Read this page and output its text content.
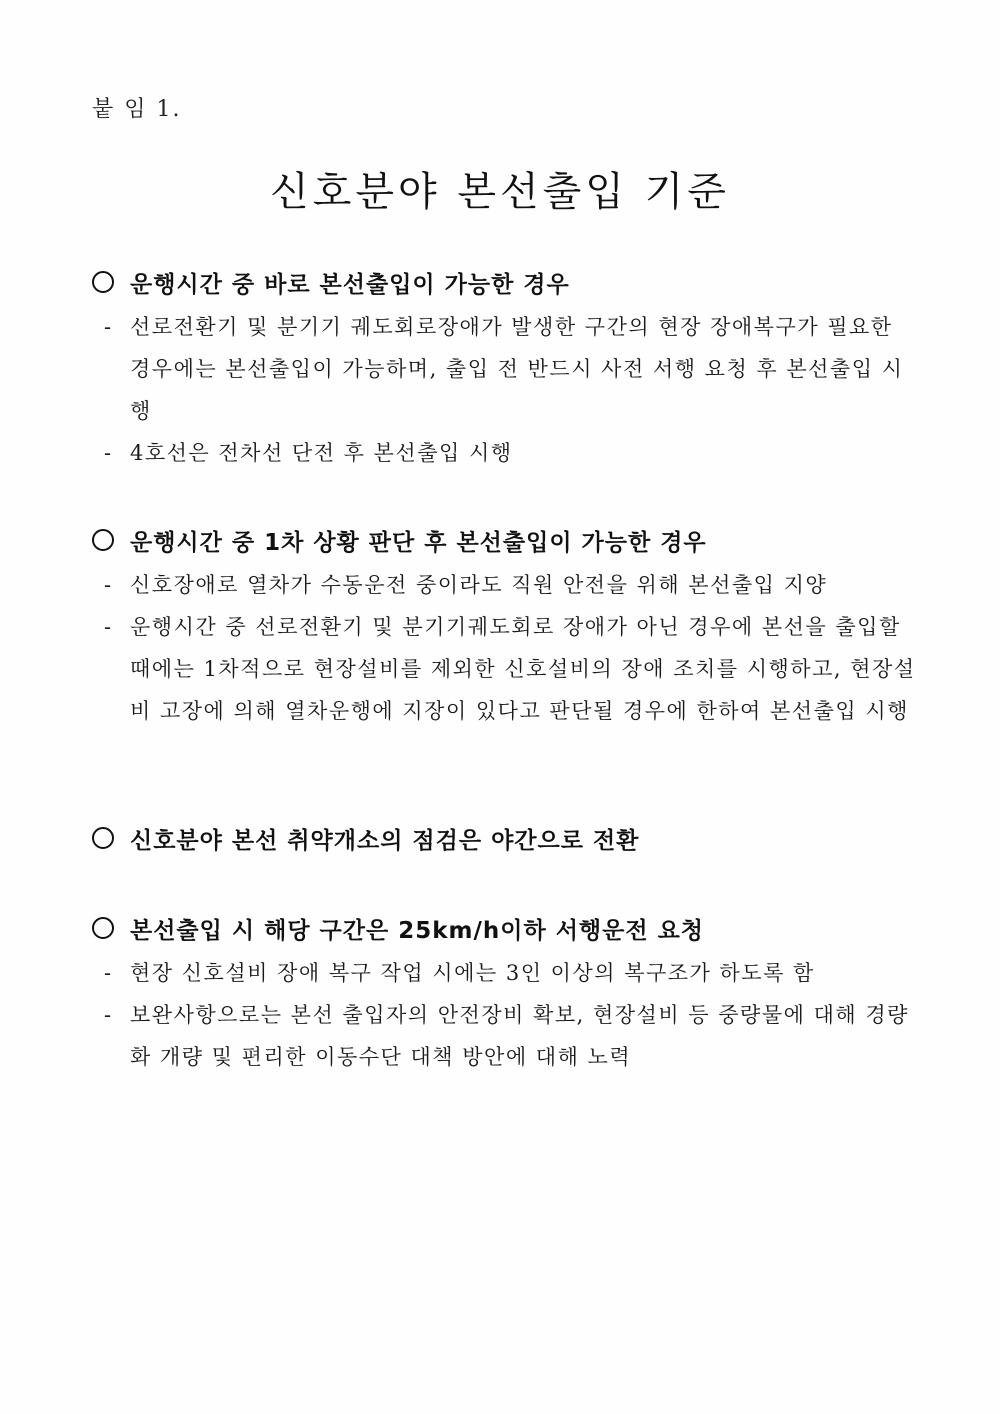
붙 임 1.
신호분야 본선출입 기준
운행시간 중 바로 본선출입이 가능한 경우
- 선로전환기 및 분기기 궤도회로장애가 발생한 구간의 현장 장애복구가 필요한 경우에는 본선출입이 가능하며, 출입 전 반드시 사전 서행 요청 후 본선출입 시행
- 4호선은 전차선 단전 후 본선출입 시행
운행시간 중 1차 상황 판단 후 본선출입이 가능한 경우
- 신호장애로 열차가 수동운전 중이라도 직원 안전을 위해 본선출입 지양
- 운행시간 중 선로전환기 및 분기기궤도회로 장애가 아닌 경우에 본선을 출입할 때에는 1차적으로 현장설비를 제외한 신호설비의 장애 조치를 시행하고, 현장설비 고장에 의해 열차운행에 지장이 있다고 판단될 경우에 한하여 본선출입 시행
신호분야 본선 취약개소의 점검은 야간으로 전환
본선출입 시 해당 구간은 25km/h이하 서행운전 요청
- 현장 신호설비 장애 복구 작업 시에는 3인 이상의 복구조가 하도록 함
- 보완사항으로는 본선 출입자의 안전장비 확보, 현장설비 등 중량물에 대해 경량화 개량 및 편리한 이동수단 대책 방안에 대해 노력
